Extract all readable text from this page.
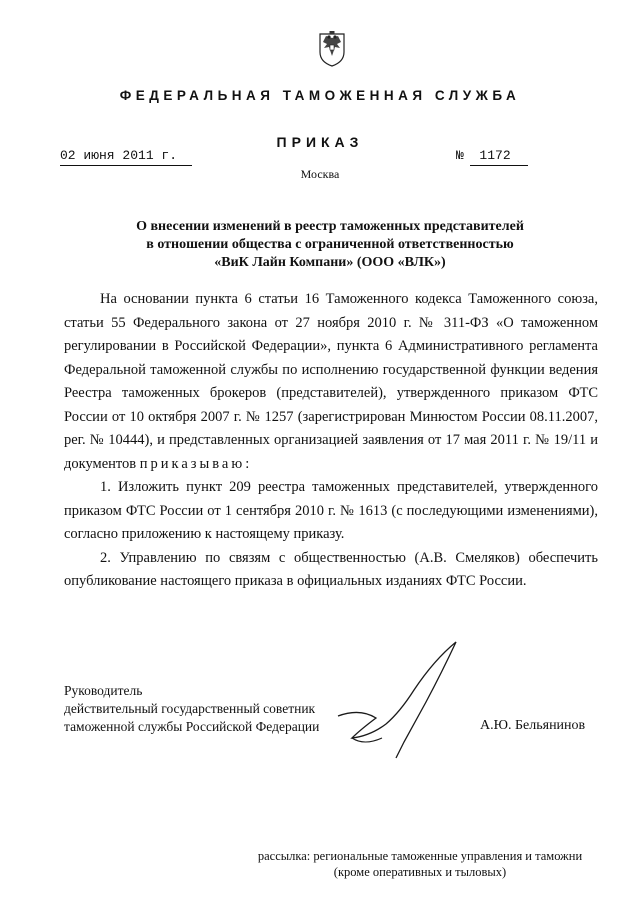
ФЕДЕРАЛЬНАЯ ТАМОЖЕННАЯ СЛУЖБА
ПРИКАЗ
02 июня 2011 г.	№ 1172
Москва
О внесении изменений в реестр таможенных представителей
в отношении общества с ограниченной ответственностью
«ВиК Лайн Компани» (ООО «ВЛК»)

На основании пункта 6 статьи 16 Таможенного кодекса Таможенного союза, статьи 55 Федерального закона от 27 ноября 2010 г. № 311-ФЗ «О таможенном регулировании в Российской Федерации», пункта 6 Административного регламента Федеральной таможенной службы по исполнению государственной функции ведения Реестра таможенных брокеров (представителей), утвержденного приказом ФТС России от 10 октября 2007 г. № 1257 (зарегистрирован Минюстом России 08.11.2007, рег. № 10444), и представленных организацией заявления от 17 мая 2011 г. № 19/11 и документов приказываю:

1. Изложить пункт 209 реестра таможенных представителей, утвержденного приказом ФТС России от 1 сентября 2010 г. № 1613 (с последующими изменениями), согласно приложению к настоящему приказу.

2. Управлению по связям с общественностью (А.В. Смеляков) обеспечить опубликование настоящего приказа в официальных изданиях ФТС России.

Руководитель
действительный государственный советник
таможенной службы Российской Федерации	А.Ю. Бельянинов
рассылка: региональные таможенные управления и таможни
(кроме оперативных и тыловых)
